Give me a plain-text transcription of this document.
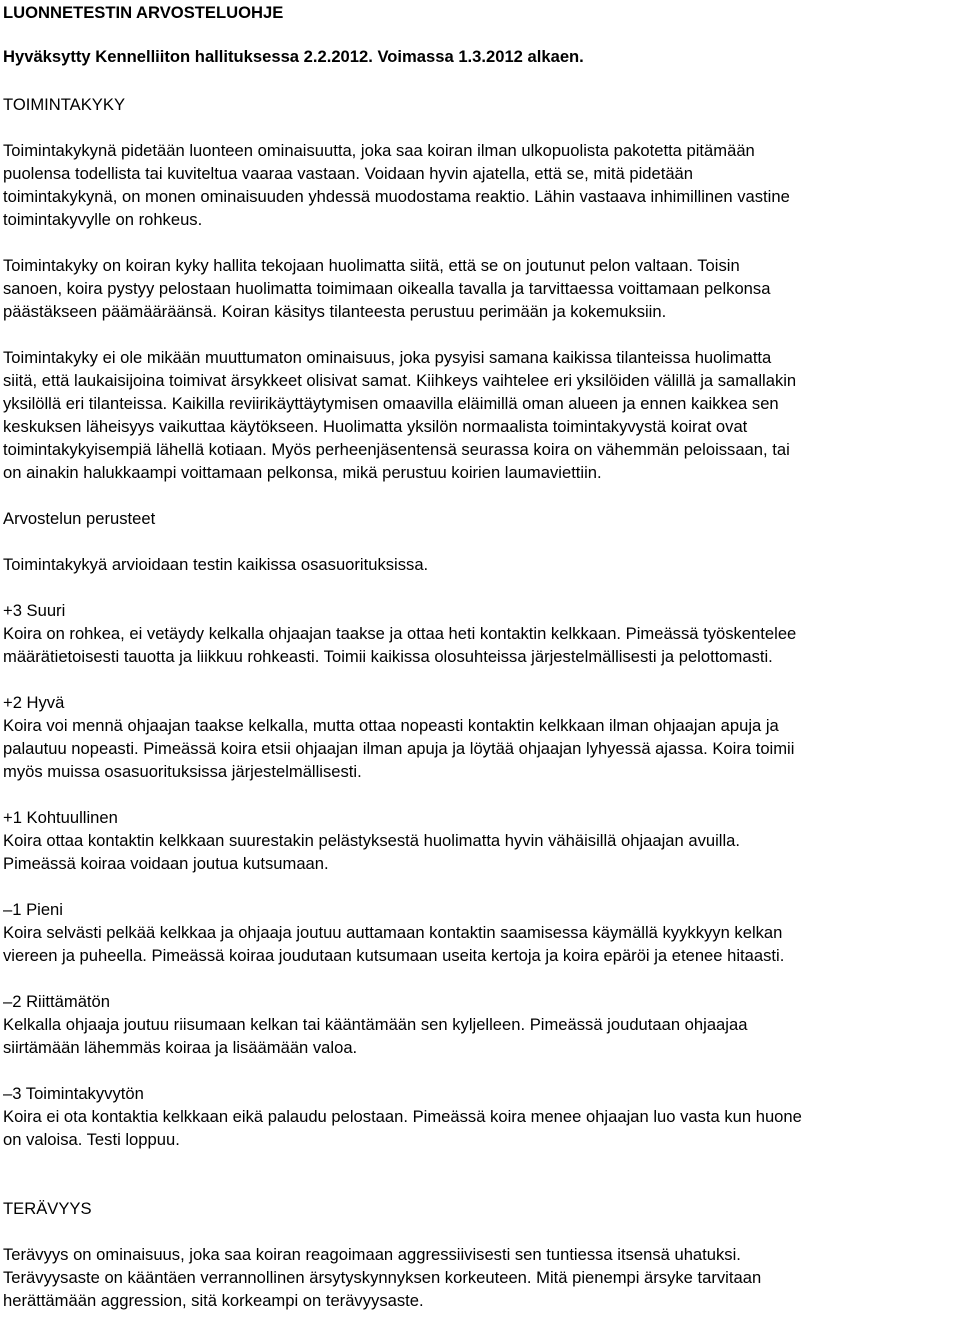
LUONNETESTIN ARVOSTELUOHJE
Hyväksytty Kennelliiton hallituksessa 2.2.2012. Voimassa 1.3.2012 alkaen.
TOIMINTAKYKY
Toimintakykynä pidetään luonteen ominaisuutta, joka saa koiran ilman ulkopuolista pakotetta pitämään
puolensa todellista tai kuviteltua vaaraa vastaan. Voidaan hyvin ajatella, että se, mitä pidetään
toimintakykynä, on monen ominaisuuden yhdessä muodostama reaktio. Lähin vastaava inhimillinen vastine
toimintakyvylle on rohkeus.
Toimintakyky on koiran kyky hallita tekojaan huolimatta siitä, että se on joutunut pelon valtaan. Toisin
sanoen, koira pystyy pelostaan huolimatta toimimaan oikealla tavalla ja tarvittaessa voittamaan pelkonsa
päästäkseen päämääräänsä. Koiran käsitys tilanteesta perustuu perimään ja kokemuksiin.
Toimintakyky ei ole mikään muuttumaton ominaisuus, joka pysyisi samana kaikissa tilanteissa huolimatta
siitä, että laukaisijoina toimivat ärsykkeet olisivat samat. Kiihkeys vaihtelee eri yksilöiden välillä ja samallakin
yksilöllä eri tilanteissa. Kaikilla reviirikäyttäytymisen omaavilla eläimillä oman alueen ja ennen kaikkea sen
keskuksen läheisyys vaikuttaa käytökseen. Huolimatta yksilön normaalista toimintakyvystä koirat ovat
toimintakykyisempiä lähellä kotiaan. Myös perheenjäsentensä seurassa koira on vähemmän peloissaan, tai
on ainakin halukkaampi voittamaan pelkonsa, mikä perustuu koirien laumaviettiin.
Arvostelun perusteet
Toimintakykyä arvioidaan testin kaikissa osasuorituksissa.
+3 Suuri
Koira on rohkea, ei vetäydy kelkalla ohjaajan taakse ja ottaa heti kontaktin kelkkaan. Pimeässä työskentelee
määrätietoisesti tauotta ja liikkuu rohkeasti. Toimii kaikissa olosuhteissa järjestelmällisesti ja pelottomasti.
+2 Hyvä
Koira voi mennä ohjaajan taakse kelkalla, mutta ottaa nopeasti kontaktin kelkkaan ilman ohjaajan apuja ja
palautuu nopeasti. Pimeässä koira etsii ohjaajan ilman apuja ja löytää ohjaajan lyhyessä ajassa. Koira toimii
myös muissa osasuorituksissa järjestelmällisesti.
+1 Kohtuullinen
Koira ottaa kontaktin kelkkaan suurestakin pelästyksestä huolimatta hyvin vähäisillä ohjaajan avuilla.
Pimeässä koiraa voidaan joutua kutsumaan.
–1 Pieni
Koira selvästi pelkää kelkkaa ja ohjaaja joutuu auttamaan kontaktin saamisessa käymällä kyykkyyn kelkan
viereen ja puheella. Pimeässä koiraa joudutaan kutsumaan useita kertoja ja koira epäröi ja etenee hitaasti.
–2 Riittämätön
Kelkalla ohjaaja joutuu riisumaan kelkan tai kääntämään sen kyljelleen. Pimeässä joudutaan ohjaajaa
siirtämään lähemmäs koiraa ja lisäämään valoa.
–3 Toimintakyvytön
Koira ei ota kontaktia kelkkaan eikä palaudu pelostaan. Pimeässä koira menee ohjaajan luo vasta kun huone
on valoisa. Testi loppuu.
TERÄVYYS
Terävyys on ominaisuus, joka saa koiran reagoimaan aggressiivisesti sen tuntiessa itsensä uhatuksi.
Terävyysaste on kääntäen verrannollinen ärsytyskynnyksen korkeuteen. Mitä pienempi ärsyke tarvitaan
herättämään aggression, sitä korkeampi on terävyysaste.
